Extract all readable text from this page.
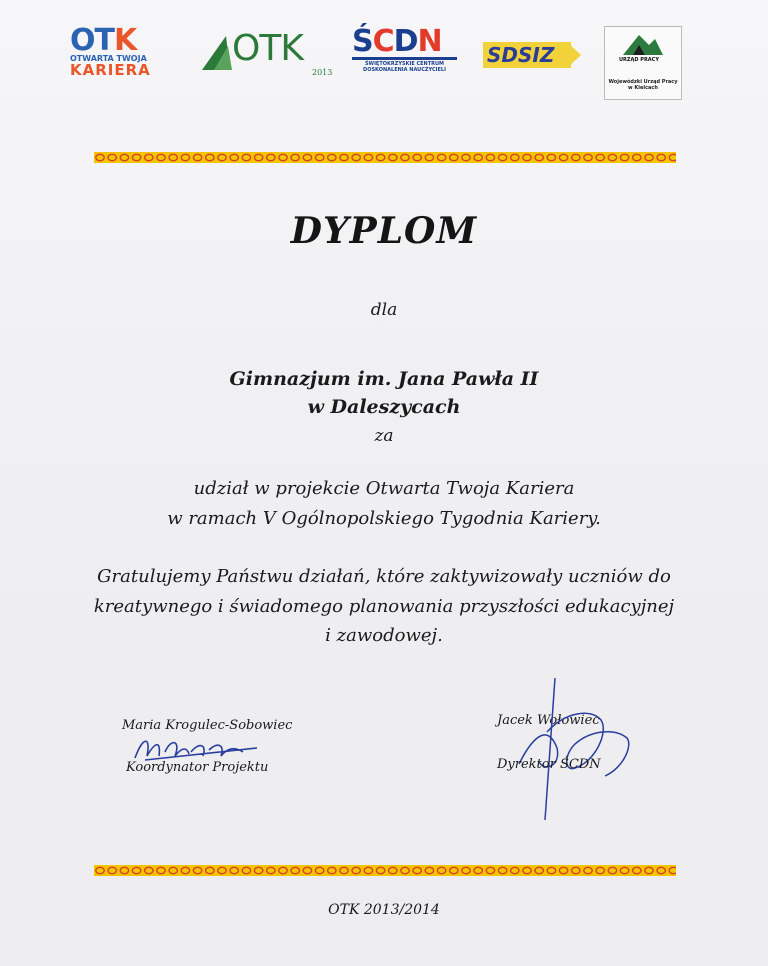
OTK
OTWARTA TWOJA
KARIERA
OTK
2013
ŚCDN
ŚWIĘTOKRZYSKIE CENTRUM
DOSKONALENIA NAUCZYCIELI
SDSIZ	URZĄD PRACY
Wojewódzki Urząd Pracy
w Kielcach
DYPLOM
dla
Gimnazjum im. Jana Pawła II
w Daleszycach
za
udział w projekcie Otwarta Twoja Kariera
w ramach V Ogólnopolskiego Tygodnia Kariery.
Gratulujemy Państwu działań, które zaktywizowały uczniów do
kreatywnego i świadomego planowania przyszłości edukacyjnej
i zawodowej.
Maria Krogulec-Sobowiec
Koordynator Projektu
Jacek Wołowiec
Dyrektor ŚCDN
OTK 2013/2014
